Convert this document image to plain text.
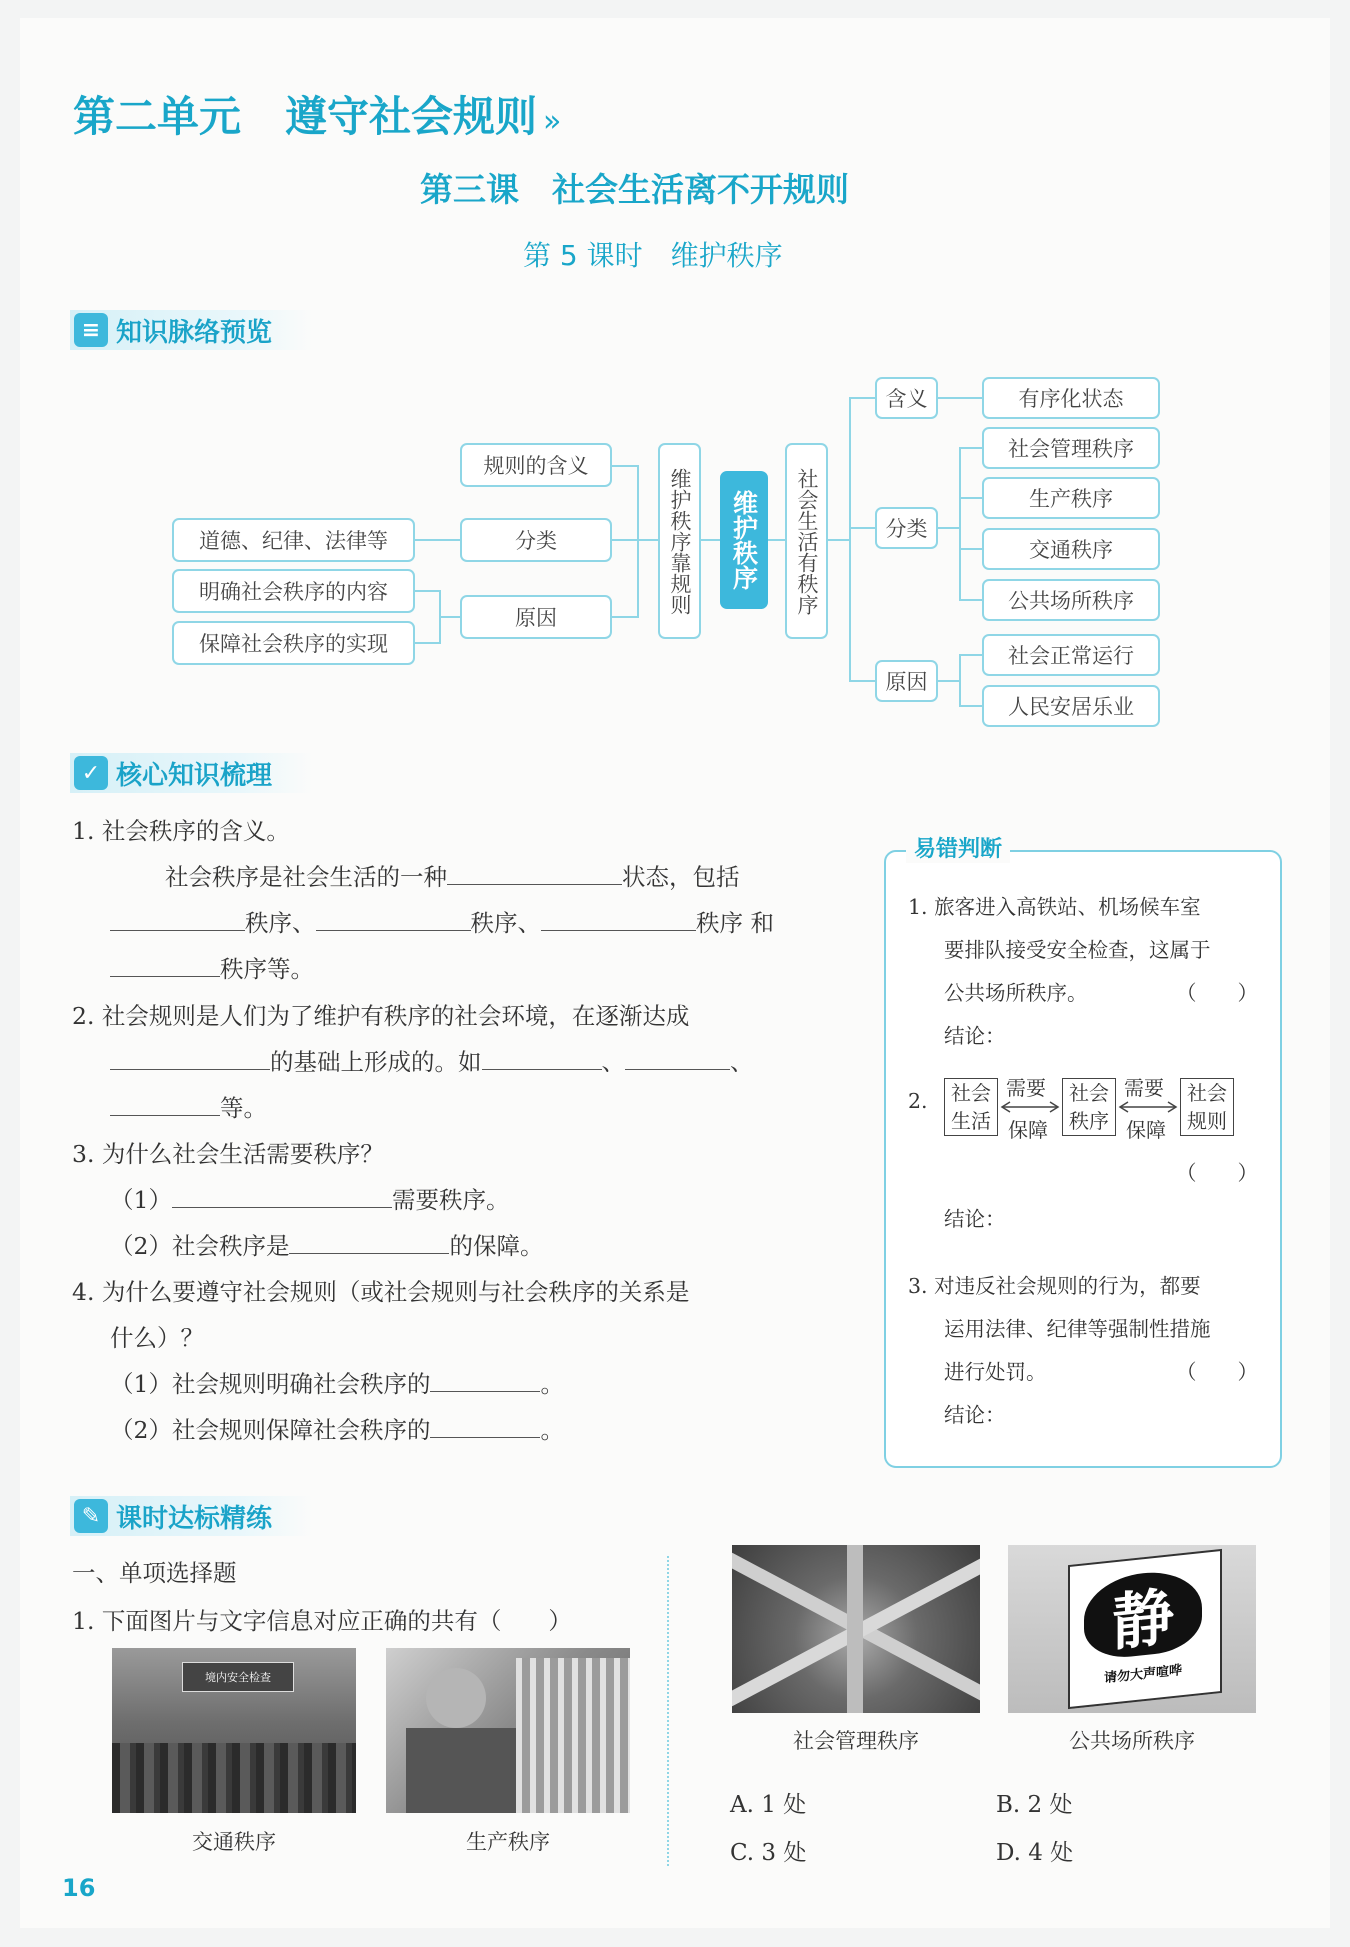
第二单元 遵守社会规则 »
第三课　社会生活离不开规则
第 5 课时　维护秩序
≡ 知识脉络预览
规则的含义
分类
原因
道德、纪律、法律等
明确社会秩序的内容
保障社会秩序的实现
维护秩序靠规则	维护秩序	社会生活有秩序
含义
分类
原因
有序化状态
社会管理秩序
生产秩序
交通秩序
公共场所秩序
社会正常运行
人民安居乐业
✓ 核心知识梳理
1. 社会秩序的含义。
社会秩序是社会生活的一种	状态，包括
秩序、	秩序、	秩序 和
秩序等。
2. 社会规则是人们为了维护有秩序的社会环境，在逐渐达成
的基础上形成的。如	、	、
等。
3. 为什么社会生活需要秩序？
（1）	需要秩序。
（2）社会秩序是	的保障。
4. 为什么要遵守社会规则（或社会规则与社会秩序的关系是
什么）？
（1）社会规则明确社会秩序的	。
（2）社会规则保障社会秩序的	。
易错判断
1. 旅客进入高铁站、机场候车室
要排队接受安全检查，这属于
公共场所秩序。	（　　）
结论：
2.	社会生活
需要
保障
社会秩序
需要
保障
社会规则
（　　）
结论：
3. 对违反社会规则的行为，都要
运用法律、纪律等强制性措施
进行处罚。	（　　）
结论：
✎ 课时达标精练
一、单项选择题
1. 下面图片与文字信息对应正确的共有（　　）
境内安全检查
交通秩序	生产秩序
社会管理秩序
静
请勿大声喧哗
公共场所秩序
A. 1 处	B. 2 处
C. 3 处	D. 4 处
16
